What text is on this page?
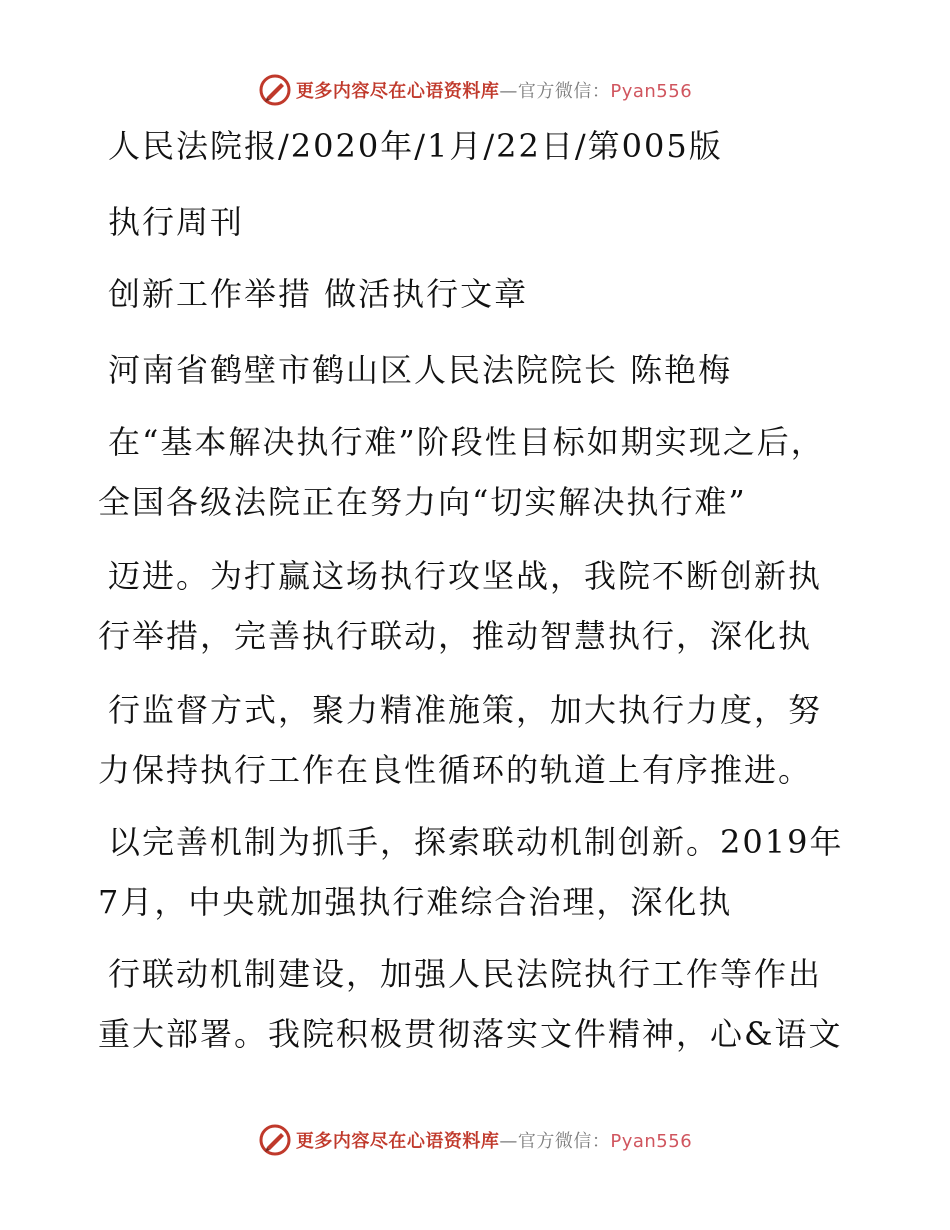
更多内容尽在心语资料库—官方微信：Pyan556
人民法院报/2020年/1月/22日/第005版
执行周刊
创新工作举措 做活执行文章
河南省鹤壁市鹤山区人民法院院长 陈艳梅
在“基本解决执行难”阶段性目标如期实现之后，
全国各级法院正在努力向“切实解决执行难”
迈进。为打赢这场执行攻坚战，我院不断创新执
行举措，完善执行联动，推动智慧执行，深化执
行监督方式，聚力精准施策，加大执行力度，努
力保持执行工作在良性循环的轨道上有序推进。
以完善机制为抓手，探索联动机制创新。2019年
7月，中央就加强执行难综合治理，深化执
行联动机制建设，加强人民法院执行工作等作出
重大部署。我院积极贯彻落实文件精神，心&语文
更多内容尽在心语资料库—官方微信：Pyan556
